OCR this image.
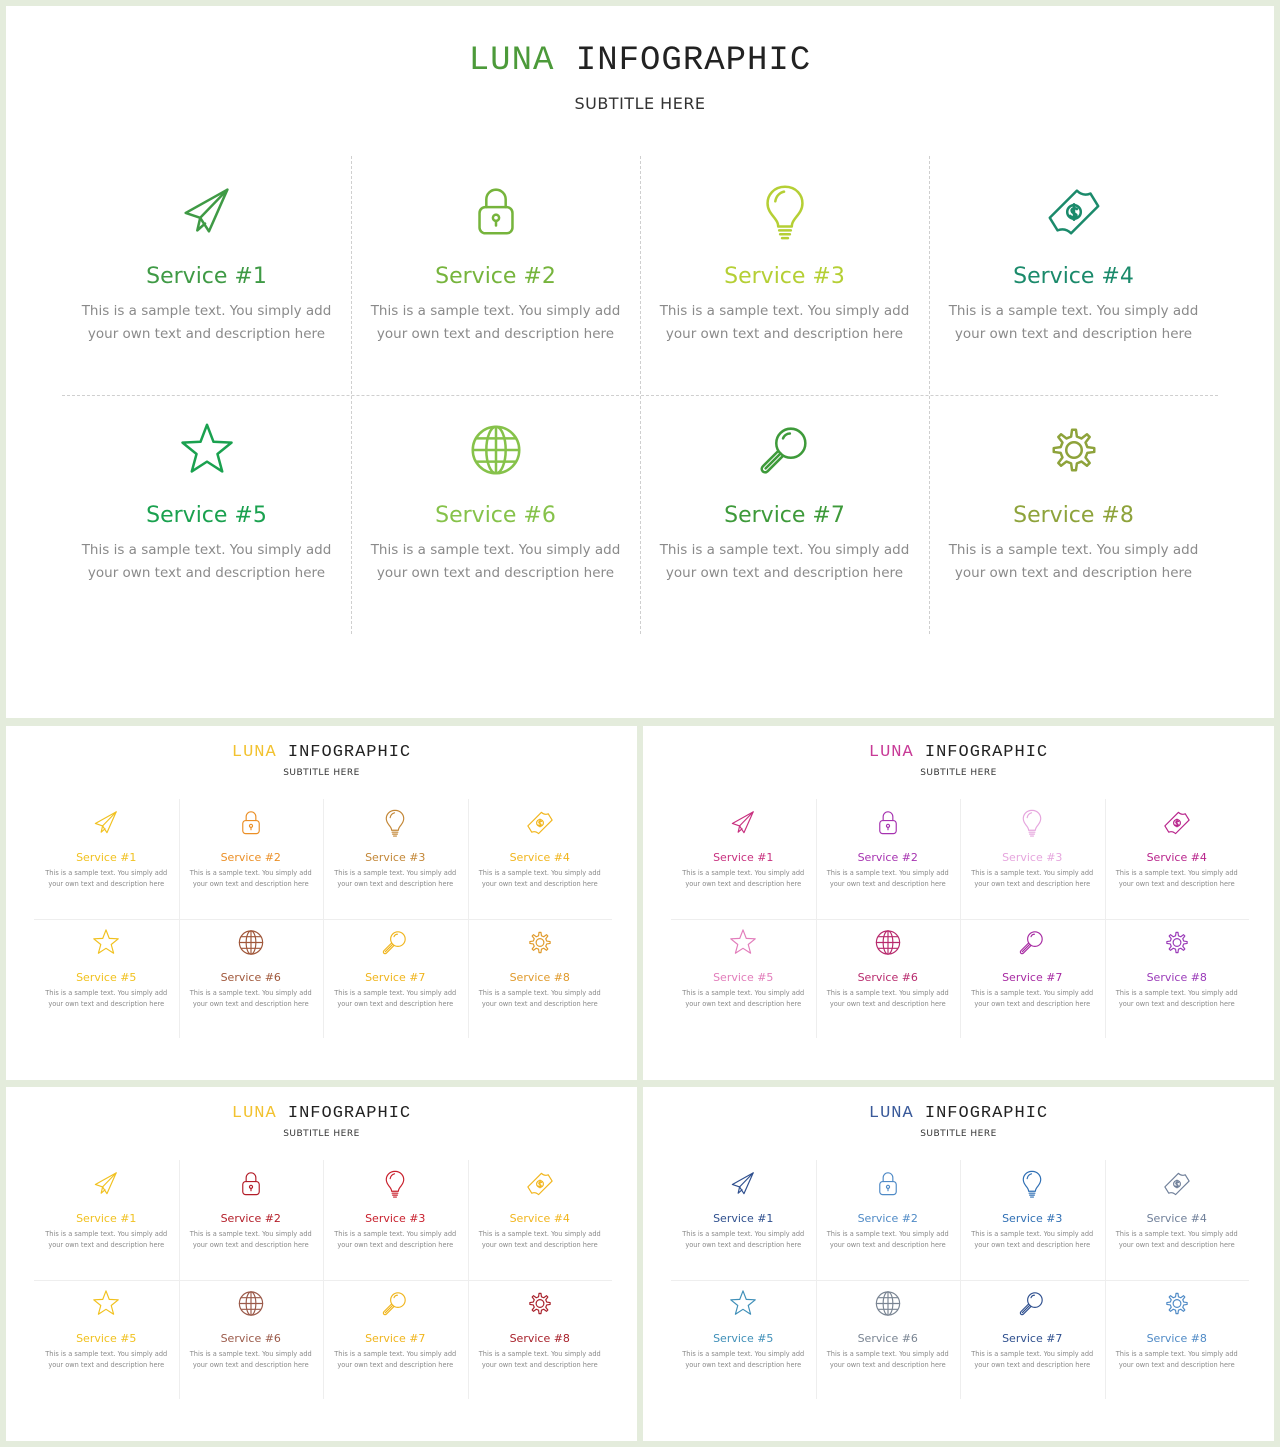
LUNA INFOGRAPHIC
SUBTITLE HERE
Service #1
This is a sample text. You simply add
your own text and description here
Service #2
This is a sample text. You simply add
your own text and description here
Service #3
This is a sample text. You simply add
your own text and description here
Service #4
This is a sample text. You simply add
your own text and description here
Service #5
This is a sample text. You simply add
your own text and description here
Service #6
This is a sample text. You simply add
your own text and description here
Service #7
This is a sample text. You simply add
your own text and description here
Service #8
This is a sample text. You simply add
your own text and description here
LUNA INFOGRAPHIC
SUBTITLE HERE
Service #1
This is a sample text. You simply add
your own text and description here
Service #2
This is a sample text. You simply add
your own text and description here
Service #3
This is a sample text. You simply add
your own text and description here
Service #4
This is a sample text. You simply add
your own text and description here
Service #5
This is a sample text. You simply add
your own text and description here
Service #6
This is a sample text. You simply add
your own text and description here
Service #7
This is a sample text. You simply add
your own text and description here
Service #8
This is a sample text. You simply add
your own text and description here
LUNA INFOGRAPHIC
SUBTITLE HERE
Service #1
This is a sample text. You simply add
your own text and description here
Service #2
This is a sample text. You simply add
your own text and description here
Service #3
This is a sample text. You simply add
your own text and description here
Service #4
This is a sample text. You simply add
your own text and description here
Service #5
This is a sample text. You simply add
your own text and description here
Service #6
This is a sample text. You simply add
your own text and description here
Service #7
This is a sample text. You simply add
your own text and description here
Service #8
This is a sample text. You simply add
your own text and description here
LUNA INFOGRAPHIC
SUBTITLE HERE
Service #1
This is a sample text. You simply add
your own text and description here
Service #2
This is a sample text. You simply add
your own text and description here
Service #3
This is a sample text. You simply add
your own text and description here
Service #4
This is a sample text. You simply add
your own text and description here
Service #5
This is a sample text. You simply add
your own text and description here
Service #6
This is a sample text. You simply add
your own text and description here
Service #7
This is a sample text. You simply add
your own text and description here
Service #8
This is a sample text. You simply add
your own text and description here
LUNA INFOGRAPHIC
SUBTITLE HERE
Service #1
This is a sample text. You simply add
your own text and description here
Service #2
This is a sample text. You simply add
your own text and description here
Service #3
This is a sample text. You simply add
your own text and description here
Service #4
This is a sample text. You simply add
your own text and description here
Service #5
This is a sample text. You simply add
your own text and description here
Service #6
This is a sample text. You simply add
your own text and description here
Service #7
This is a sample text. You simply add
your own text and description here
Service #8
This is a sample text. You simply add
your own text and description here
